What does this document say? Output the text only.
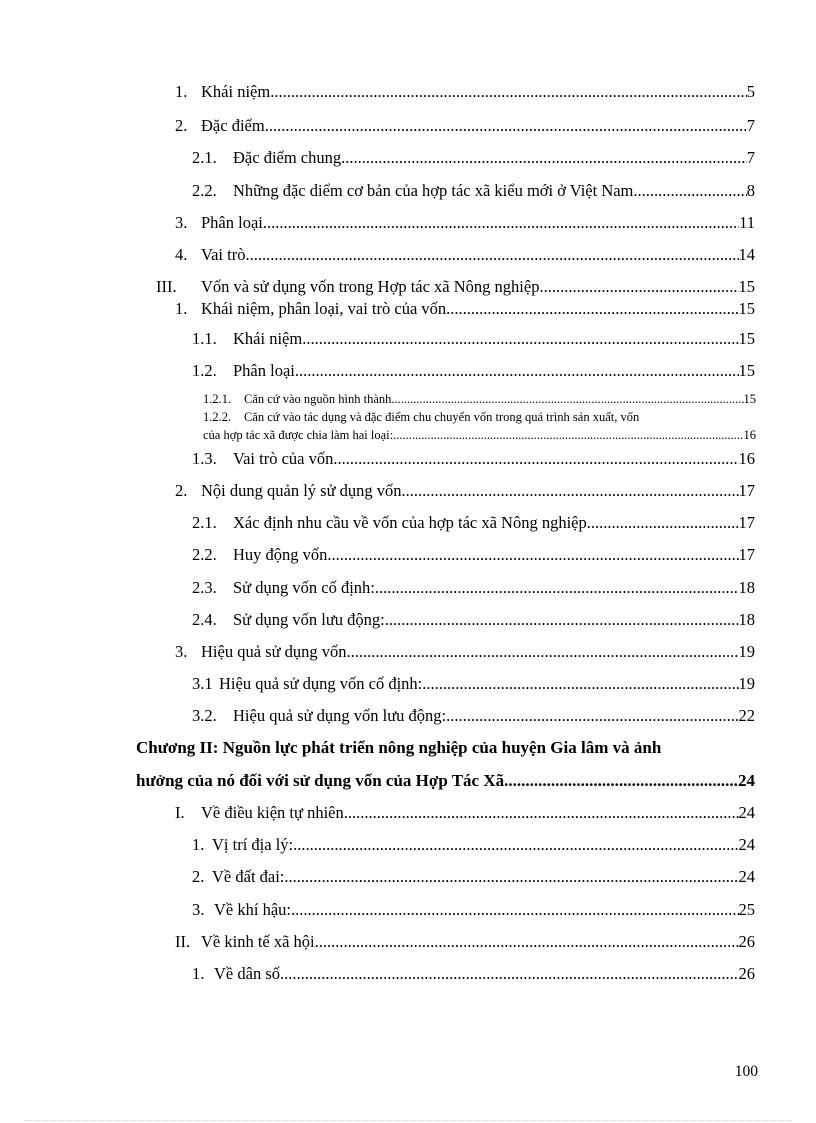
1. Khái niệm .....	5
2. Đặc điểm .....	7
2.1. Đặc điểm chung .....	7
2.2. Những đặc diểm cơ bản của hợp tác xã kiểu mới ở Việt Nam .....	8
3. Phân loại .....	11
4. Vai trò .....	14
III.	Vốn và sử dụng vốn trong Hợp tác xã Nông nghiệp .....	15
1. Khái niệm, phân loại, vai trò của vốn .....	15
1.1. Khái niệm .....	15
1.2. Phân loại .....	15
1.2.1.	Căn cứ vào nguồn hình thành .....	15
1.2.2. Căn cứ vào tác dụng và đặc điểm chu chuyển vốn trong quá trình sản xuất, vốn
của hợp tác xã được chia làm hai loại: .....	16
1.3. Vai trò của vốn .....	16
2. Nội dung quản lý sử dụng vốn .....	17
2.1. Xác định nhu cầu về vốn của hợp tác xã Nông nghiệp .....	17
2.2. Huy động vốn .....	17
2.3. Sử dụng vốn cố định: .....	18
2.4. Sử dụng vốn lưu động: .....	18
3. Hiệu quả sử dụng vốn .....	19
3.1 Hiệu quả sử dụng vốn cố định: .....	19
3.2. Hiệu quả sử dụng vốn lưu động: .....	22
Chương II: Nguồn lực phát triển nông nghiệp của huyện Gia lâm và ảnh
hưởng của nó đối với sử dụng vốn của Hợp Tác Xã .....	24
I. Về điều kiện tự nhiên .....	24
1. Vị trí địa lý: .....	24
2. Về đất đai: .....	24
3. Về khí hậu: .....	25
II. Về kinh tế xã hội .....	26
1. Về dân số .....	26
100
